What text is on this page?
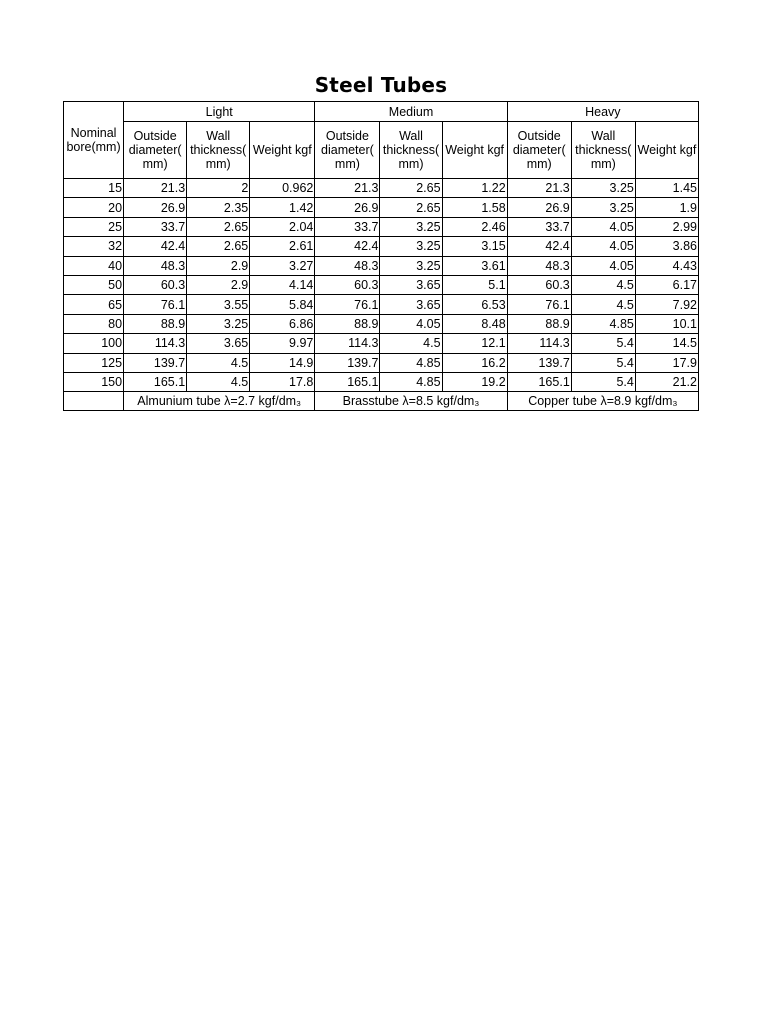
Steel Tubes
Nominal bore(mm)	Light			Medium			Heavy		
	Outside diameter( mm)	Wall thickness( mm)	Weight kgf	Outside diameter( mm)	Wall thickness( mm)	Weight kgf	Outside diameter( mm)	Wall thickness( mm)	Weight kgf
15	21.3	2	0.962	21.3	2.65	1.22	21.3	3.25	1.45
20	26.9	2.35	1.42	26.9	2.65	1.58	26.9	3.25	1.9
25	33.7	2.65	2.04	33.7	3.25	2.46	33.7	4.05	2.99
32	42.4	2.65	2.61	42.4	3.25	3.15	42.4	4.05	3.86
40	48.3	2.9	3.27	48.3	3.25	3.61	48.3	4.05	4.43
50	60.3	2.9	4.14	60.3	3.65	5.1	60.3	4.5	6.17
65	76.1	3.55	5.84	76.1	3.65	6.53	76.1	4.5	7.92
80	88.9	3.25	6.86	88.9	4.05	8.48	88.9	4.85	10.1
100	114.3	3.65	9.97	114.3	4.5	12.1	114.3	5.4	14.5
125	139.7	4.5	14.9	139.7	4.85	16.2	139.7	5.4	17.9
150	165.1	4.5	17.8	165.1	4.85	19.2	165.1	5.4	21.2
	Almunium tube λ=2.7 kgf/dm₃			Brasstube λ=8.5 kgf/dm₃			Copper tube λ=8.9 kgf/dm₃		
